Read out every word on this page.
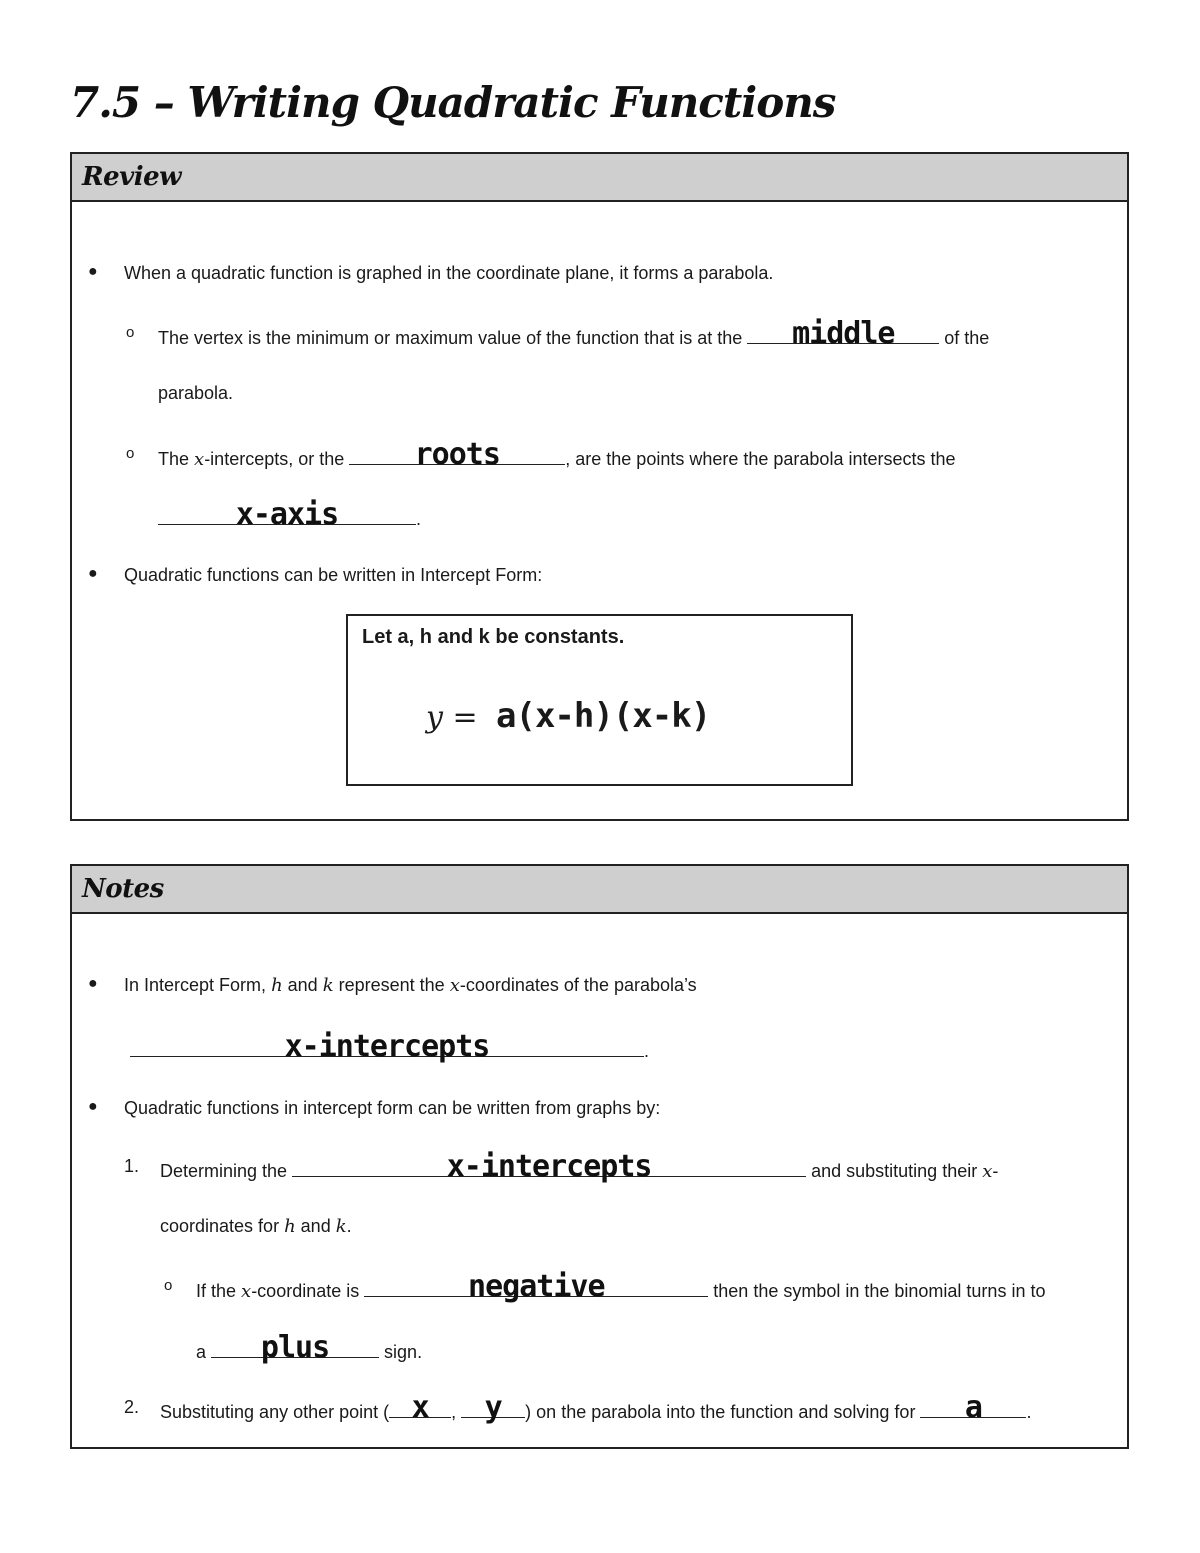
7.5 – Writing Quadratic Functions
Review
● When a quadratic function is graphed in the coordinate plane, it forms a parabola.
o The vertex is the minimum or maximum value of the function that is at the	middle	of the
parabola.
o The x-intercepts, or the	roots	, are the points where the parabola intersects the
x-axis	.
● Quadratic functions can be written in Intercept Form:
Let a, h and k be constants.
y = a(x-h)(x-k)
Notes
● In Intercept Form, h and k represent the x-coordinates of the parabola’s
x-intercepts	.
● Quadratic functions in intercept form can be written from graphs by:
1. Determining the	x-intercepts	and substituting their x-
coordinates for h and k.
o If the x-coordinate is	negative	then the symbol in the binomial turns in to
a	plus	sign.
2. Substituting any other point ( x	, y	) on the parabola into the function and solving for	a	.
